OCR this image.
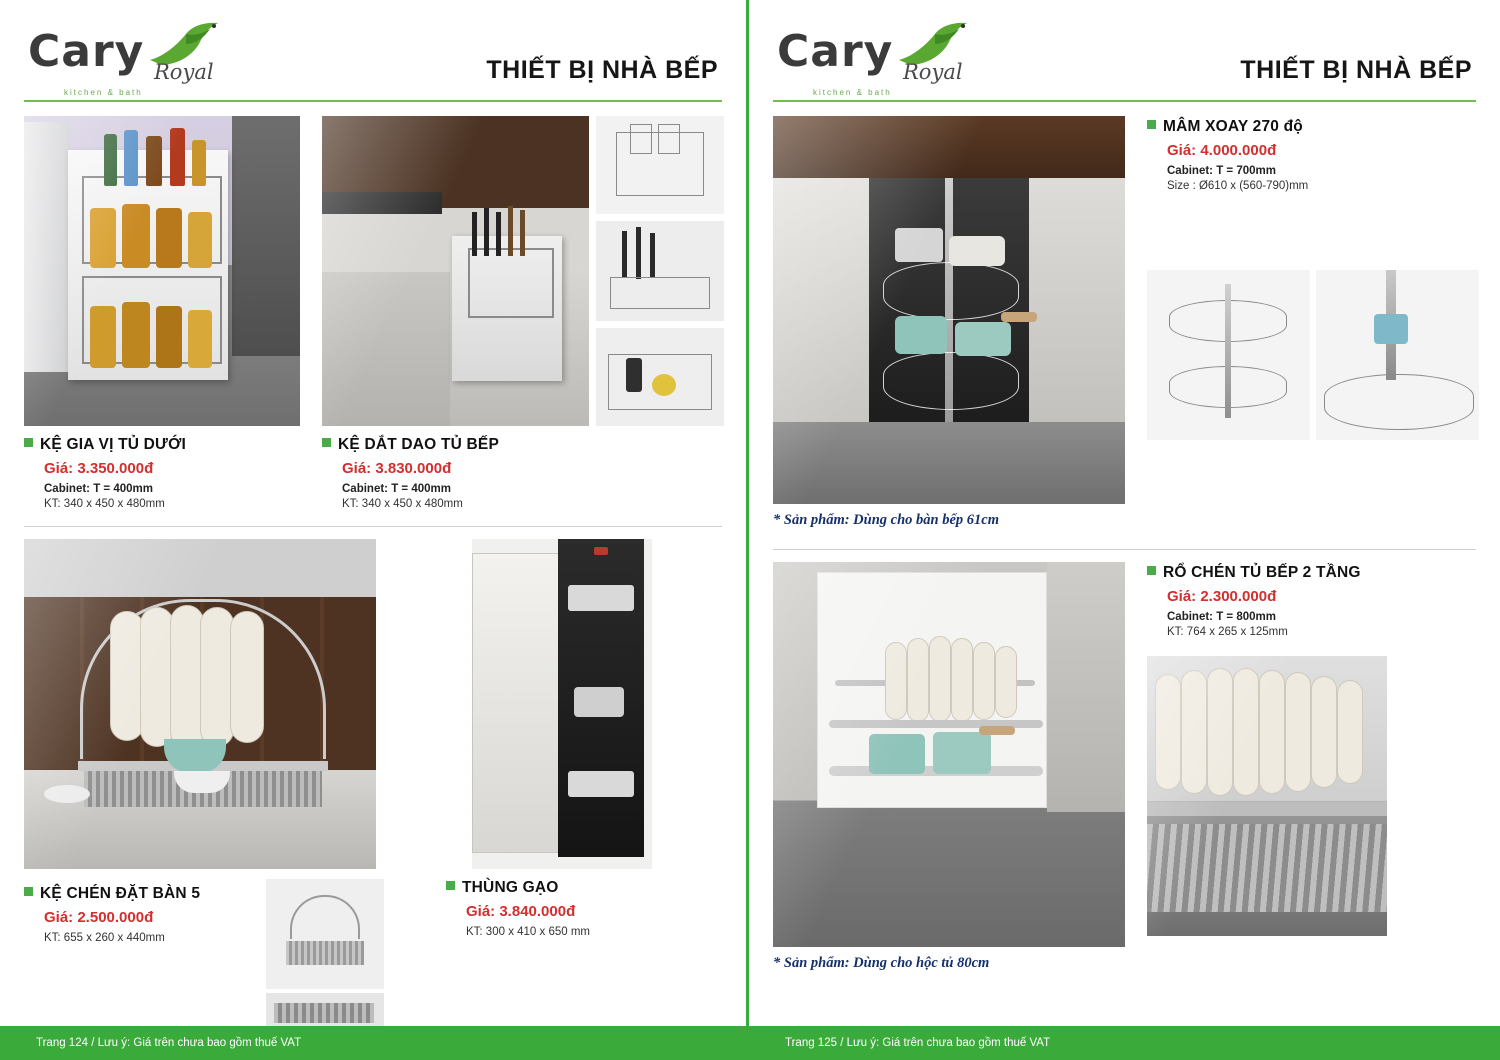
Cary Royal
kitchen & bath
THIẾT BỊ NHÀ BẾP
KỆ GIA VỊ TỦ DƯỚI
Giá: 3.350.000đ
Cabinet: T = 400mm
KT: 340 x 450 x 480mm
KỆ DẮT DAO TỦ BẾP
Giá: 3.830.000đ
Cabinet: T = 400mm
KT: 340 x 450 x 480mm
KỆ CHÉN ĐẶT BÀN 5
Giá: 2.500.000đ
KT: 655 x 260 x 440mm
THÙNG GẠO
Giá: 3.840.000đ
KT: 300 x 410 x 650 mm
Trang 124 / Lưu ý: Giá trên chưa bao gồm thuế VAT
Cary Royal
kitchen & bath
THIẾT BỊ NHÀ BẾP
* Sản phẩm: Dùng cho bàn bếp 61cm
MÂM XOAY 270 độ
Giá: 4.000.000đ
Cabinet: T = 700mm
Size : Ø610 x (560-790)mm
* Sản phẩm: Dùng cho hộc tủ 80cm
RỔ CHÉN TỦ BẾP 2 TẦNG
Giá: 2.300.000đ
Cabinet: T = 800mm
KT: 764 x 265 x 125mm
Trang 125 / Lưu ý: Giá trên chưa bao gồm thuế VAT
